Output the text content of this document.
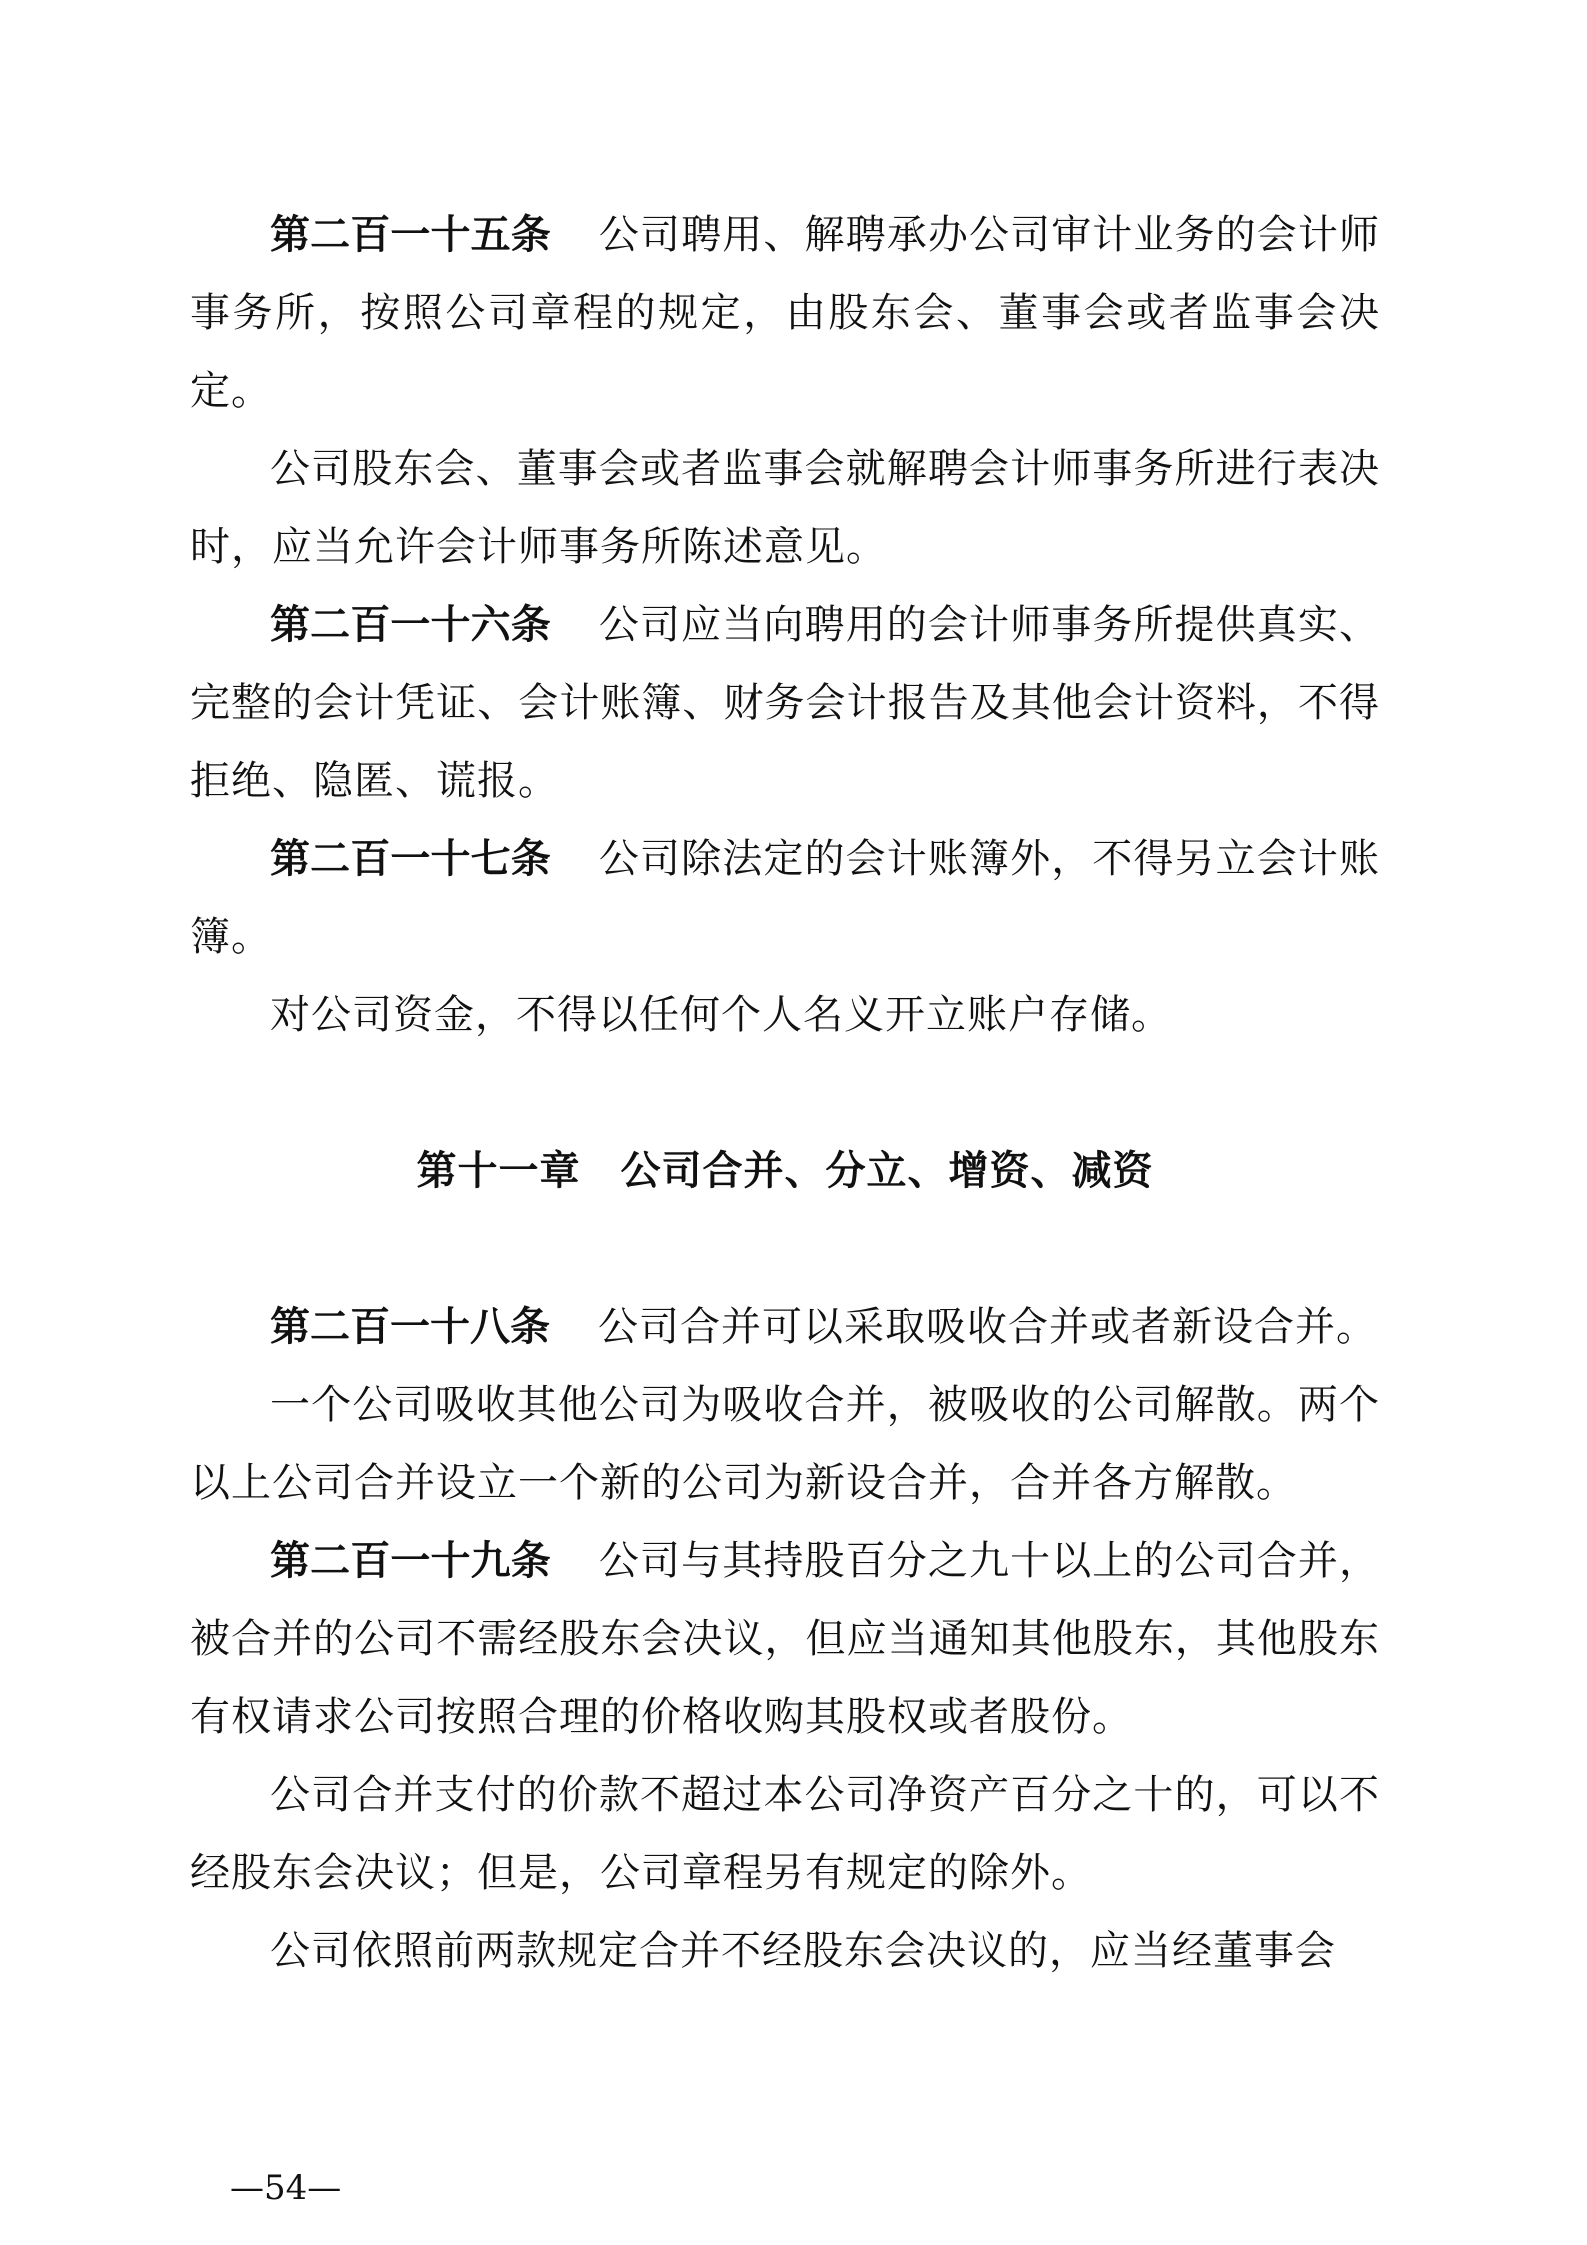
第二百一十五条 公司聘用、解聘承办公司审计业务的会计师事务所，按照公司章程的规定，由股东会、董事会或者监事会决定。

公司股东会、董事会或者监事会就解聘会计师事务所进行表决时，应当允许会计师事务所陈述意见。

第二百一十六条 公司应当向聘用的会计师事务所提供真实、完整的会计凭证、会计账簿、财务会计报告及其他会计资料，不得拒绝、隐匿、谎报。

第二百一十七条 公司除法定的会计账簿外，不得另立会计账簿。

对公司资金，不得以任何个人名义开立账户存储。

第十一章 公司合并、分立、增资、减资

第二百一十八条 公司合并可以采取吸收合并或者新设合并。

一个公司吸收其他公司为吸收合并，被吸收的公司解散。两个以上公司合并设立一个新的公司为新设合并，合并各方解散。

第二百一十九条 公司与其持股百分之九十以上的公司合并，被合并的公司不需经股东会决议，但应当通知其他股东，其他股东有权请求公司按照合理的价格收购其股权或者股份。

公司合并支付的价款不超过本公司净资产百分之十的，可以不经股东会决议；但是，公司章程另有规定的除外。

公司依照前两款规定合并不经股东会决议的，应当经董事会

—54—
